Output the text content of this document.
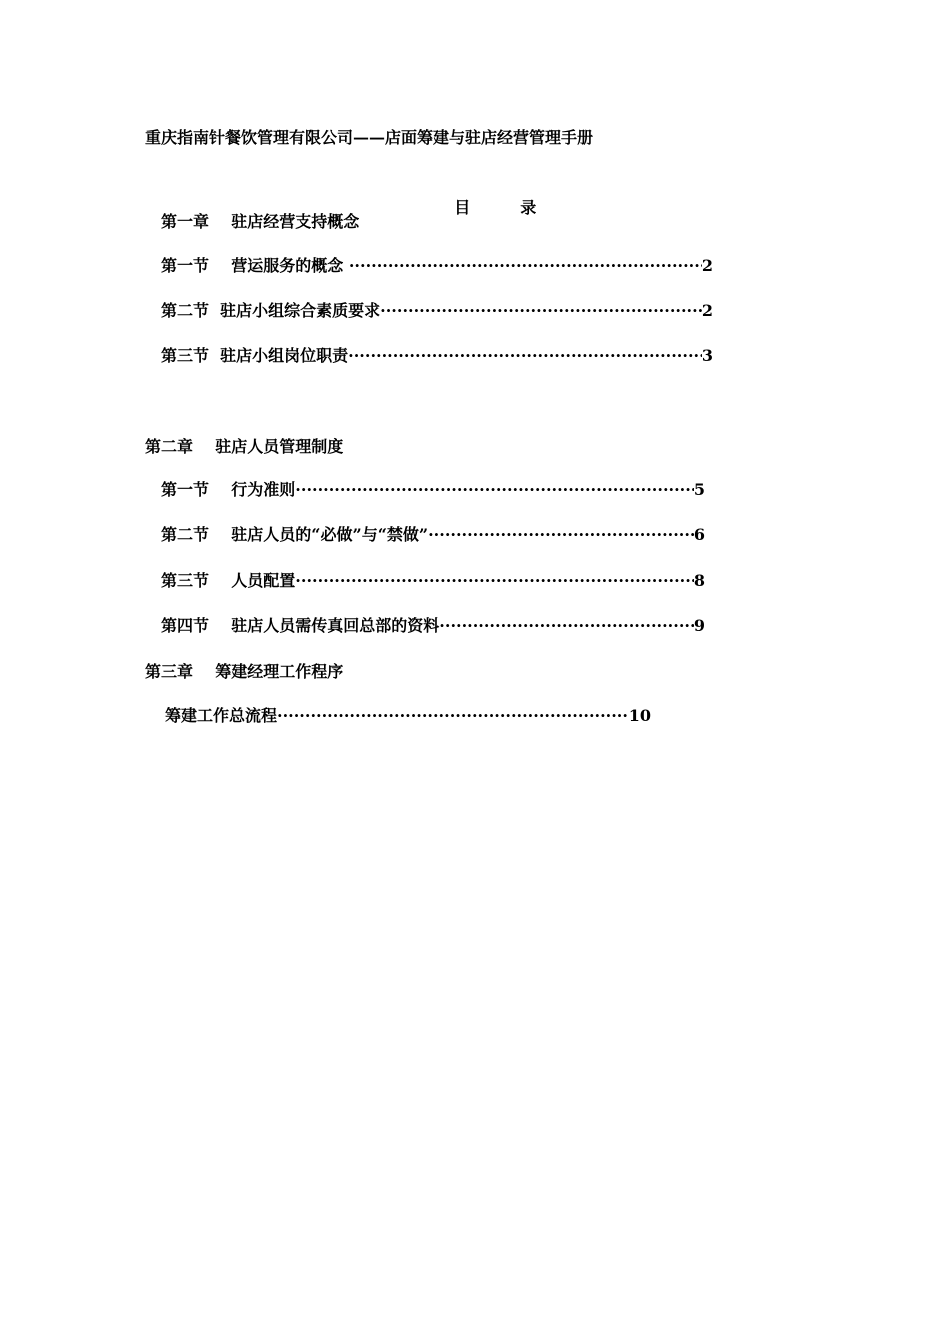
重庆指南针餐饮管理有限公司——店面筹建与驻店经营管理手册

目	录

第一章    驻店经营支持概念
第一节    营运服务的概念 ·····	2
第二节  驻店小组综合素质要求 ·····	2
第三节  驻店小组岗位职责 ·····	3
第二章    驻店人员管理制度
第一节    行为准则 ·····	5
第二节    驻店人员的“必做”与“禁做” ·····	6
第三节    人员配置 ·····	8
第四节    驻店人员需传真回总部的资料 ·····	9
第三章    筹建经理工作程序
筹建工作总流程 ·····	10
